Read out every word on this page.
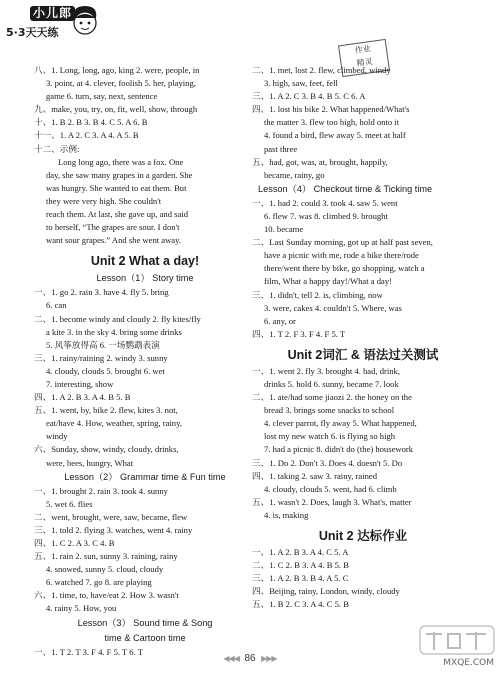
小儿郎
5·3天天练
作业
精灵
八、1. Long, long, ago, king 2. were, people, in
3. point, at 4. clever, foolish 5. her, playing,
game 6. turn, say, next, sentence
九、make, you, try, on, fit, well, show, through
十、1. B 2. B 3. B 4. C 5. A 6. B
十一、1. A 2. C 3. A 4. A 5. B
十二、示例:
Long long ago, there was a fox. One
day, she saw many grapes in a garden. She
was hungry. She wanted to eat them. But
they were very high. She couldn't
reach them. At last, she gave up, and said
to herself, “The grapes are sour. I don't
want sour grapes.” And she went away.
Unit 2 What a day!
Lesson（1） Story time
一、1. go 2. rain 3. have 4. fly 5. bring
6. can
二、1. become windy and cloudy 2. fly kites/fly
a kite 3. in the sky 4. bring some drinks
5. 风筝放得高 6. 一场鹦鹉表演
三、1. rainy/raining 2. windy 3. sunny
4. cloudy, clouds 5. brought 6. wet
7. interesting, show
四、1. A 2. B 3. A 4. B 5. B
五、1. went, by, bike 2. flew, kites 3. not,
eat/have 4. How, weather, spring, rainy,
windy
六、Sunday, show, windy, cloudy, drinks,
were, bees, hungry, What
Lesson（2） Grammar time & Fun time
一、1. brought 2. rain 3. took 4. sunny
5. wet 6. flies
二、went, brought, were, saw, became, flew
三、1. told 2. flying 3. watches, went 4. rainy
四、1. C 2. A 3. C 4. B
五、1. rain 2. sun, sunny 3. raining, rainy
4. snowed, sunny 5. cloud, cloudy
6. watched 7. go 8. are playing
六、1. time, to, have/eat 2. How 3. wasn't
4. rainy 5. How, you
Lesson（3） Sound time & Song
time & Cartoon time
一、1. T 2. T 3. F 4. F 5. T 6. T
二、1. met, lost 2. flew, climbed, windy
3. high, saw, feet, fell
三、1. A 2. C 3. B 4. B 5. C 6. A
四、1. lost his bike 2. What happened/What's
the matter 3. flew too high, hold onto it
4. found a bird, flew away 5. meet at half
past three
五、had, got, was, at, brought, happily,
became, rainy, go
Lesson（4） Checkout time & Ticking time
一、1. had 2. could 3. took 4. saw 5. went
6. flew 7. was 8. climbed 9. brought
10. became
二、Last Sunday morning, got up at half past seven,
have a picnic with me, rode a bike there/rode
there/went there by bike, go shopping, watch a
film, What a happy day!/What a day!
三、1. didn't, tell 2. is, climbing, now
3. were, cakes 4. couldn't 5. Where, was
6. any, or
四、1. T 2. F 3. F 4. F 5. T
Unit 2词汇 & 语法过关测试
一、1. went 2. fly 3. brought 4. had, drink,
drinks 5. hold 6. sunny, became 7. look
二、1. ate/had some jiaozi 2. the honey on the
bread 3. brings some snacks to school
4. clever parrot, fly away 5. What happened,
lost my new watch 6. is flying so high
7. had a picnic 8. didn't do (the) housework
三、1. Do 2. Don't 3. Does 4. doesn't 5. Do
四、1. taking 2. saw 3. rainy, rained
4. cloudy, clouds 5. went, had 6. climb
五、1. wasn't 2. Does, laugh 3. What's, matter
4. is, making
Unit 2 达标作业
一、1. A 2. B 3. A 4. C 5. A
二、1. C 2. B 3. A 4. B 5. B
三、1. A 2. B 3. B 4. A 5. C
四、Beijing, rainy, London, windy, cloudy
五、1. B 2. C 3. A 4. C 5. B
◀◀◀ 86 ▶▶▶	MXQE.COM
